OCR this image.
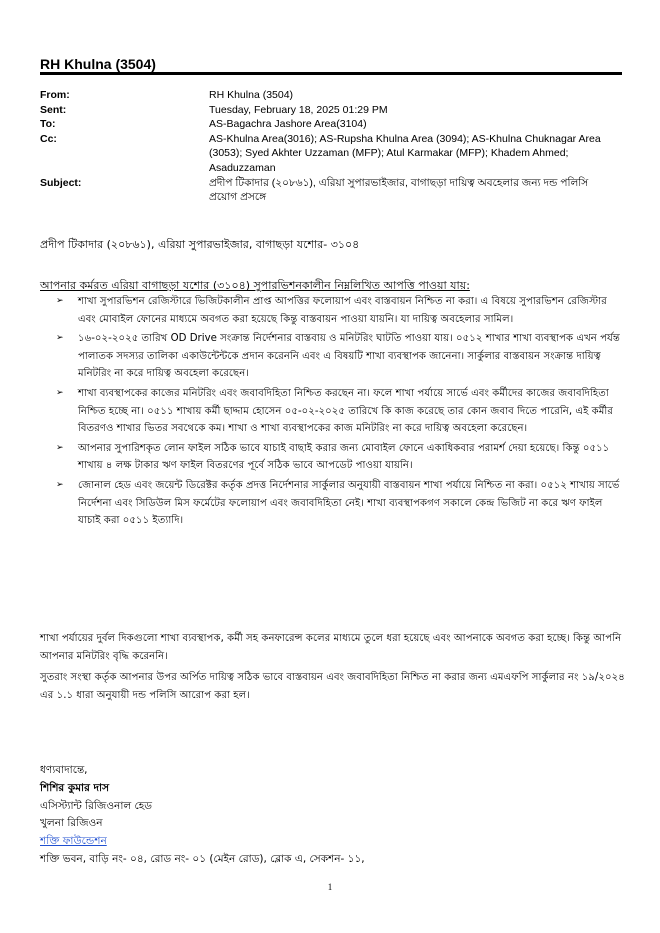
RH Khulna (3504)
From:	RH Khulna (3504)
Sent:	Tuesday, February 18, 2025 01:29 PM
To:	AS-Bagachra Jashore Area(3104)
Cc:	AS-Khulna Area(3016); AS-Rupsha Khulna Area (3094); AS-Khulna Chuknagar Area (3053); Syed Akhter Uzzaman (MFP); Atul Karmakar (MFP); Khadem Ahmed; Asaduzzaman
Subject:	প্রদীপ টিকাদার (২০৮৬১), এরিয়া সুপারভাইজার, বাগাছড়া দায়িত্ব অবহেলার জন্য দন্ড পলিসি প্রয়োগ প্রসঙ্গে
প্রদীপ টিকাদার (২০৮৬১), এরিয়া সুপারভাইজার, বাগাছড়া যশোর- ৩১০৪
আপনার কর্মরত এরিয়া বাগাছড়া যশোর (৩১০৪) সুপারভিশনকালীন নিম্নলিখিত আপত্তি পাওয়া যায়:
➢ শাখা সুপারভিশন রেজিস্টারে ভিজিটকালীন প্রাপ্ত আপত্তির ফলোয়াপ এবং বাস্তবায়ন নিশ্চিত না করা। এ বিষয়ে সুপারভিশন রেজিস্টার এবং মোবাইল ফোনের মাধ্যমে অবগত করা হয়েছে কিন্তু বাস্তবায়ন পাওয়া যায়নি। যা দায়িত্ব অবহেলার সামিল।
➢ ১৬-০২-২০২৫ তারিখ OD Drive সংক্রান্ত নির্দেশনার বাস্তবায় ও মনিটরিং ঘাটতি পাওয়া যায়। ০৫১২ শাখার শাখা ব্যবস্থাপক এখন পর্যন্ত পালাতক সদস্যর তালিকা একাউন্টেন্টকে প্রদান করেননি এবং এ বিষয়টি শাখা ব্যবস্থাপক জানেনা। সার্কুলার বাস্তবায়ন সংক্রান্ত দায়িত্ব মনিটরিং না করে দায়িত্ব অবহেলা করেছেন।
➢ শাখা ব্যবস্থাপকের কাজের মনিটরিং এবং জবাবদিহিতা নিশ্চিত করছেন না। ফলে শাখা পর্যায়ে সার্ভে এবং কর্মীদের কাজের জবাবদিহিতা নিশ্চিত হচ্ছে না। ০৫১১ শাখায় কর্মী ছাদ্দাম হোসেন ০৫-০২-২০২৫ তারিখে কি কাজ করেছে তার কোন জবাব দিতে পারেনি, এই কর্মীর বিতরণও শাখার ভিতর সবথেকে কম। শাখা ও শাখা ব্যবস্থাপকের কাজ মনিটরিং না করে দায়িত্ব অবহেলা করেছেন।
➢ আপনার সুপারিশকৃত লোন ফাইল সঠিক ভাবে যাচাই বাছাই করার জন্য মোবাইল ফোনে একাধিকবার পরামর্শ দেয়া হয়েছে। কিন্তু ০৫১১ শাখায় ৪ লক্ষ টাকার ঋণ ফাইল বিতরণের পূর্বে সঠিক ভাবে আপডেট পাওয়া যায়নি।
➢ জোনাল হেড এবং জয়েন্ট ডিরেক্টর কর্তৃক প্রদত্ত নির্দেশনার সার্কুলার অনুযায়ী বাস্তবায়ন শাখা পর্যায়ে নিশ্চিত না করা। ০৫১২ শাখায় সার্ভে নির্দেশনা এবং সিডিউল মিস ফর্মেটের ফলোয়াপ এবং জবাবদিহিতা নেই। শাখা ব্যবস্থাপকগণ সকালে কেন্দ্র ভিজিট না করে ঋণ ফাইল যাচাই করা ০৫১১ ইত্যাদি।
শাখা পর্যায়ের দুর্বল দিকগুলো শাখা ব্যবস্থাপক, কর্মী সহ কনফারেন্স কলের মাধ্যমে তুলে ধরা হয়েছে এবং আপনাকে অবগত করা হচ্ছে। কিন্তু আপনি আপনার মনিটরিং বৃদ্ধি করেননি।
সুতরাং সংস্থা কর্তৃক আপনার উপর অর্পিত দায়িত্ব সঠিক ভাবে বাস্তবায়ন এবং জবাবদিহিতা নিশ্চিত না করার জন্য এমএফপি সার্কুলার নং ১৯/২০২৪ এর ১.১ ধারা অনুযায়ী দন্ড পলিসি আরোপ করা হল।
ধণ্যবাদান্তে,
শিশির কুমার দাস
এসিস্ট্যান্ট রিজিওনাল হেড
খুলনা রিজিওন
শক্তি ফাউন্ডেশন
শক্তি ভবন, বাড়ি নং- ০৪, রোড নং- ০১ (মেইন রোড), ব্লোক এ, সেকশন- ১১,
1
